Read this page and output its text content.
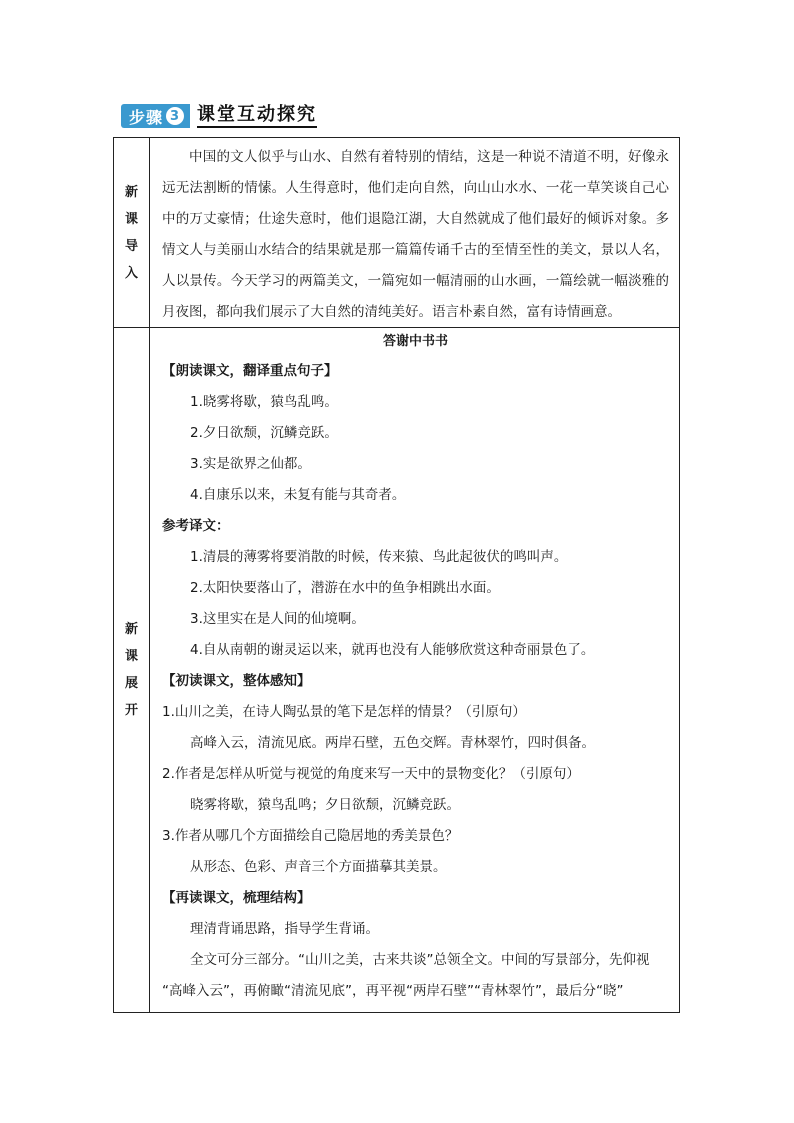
步骤 3 课堂互动探究
新
课
导
入
中国的文人似乎与山水、自然有着特别的情结，这是一种说不清道不明，好像永远无法割断的情愫。人生得意时，他们走向自然，向山山水水、一花一草笑谈自己心中的万丈豪情；仕途失意时，他们退隐江湖，大自然就成了他们最好的倾诉对象。多情文人与美丽山水结合的结果就是那一篇篇传诵千古的至情至性的美文，景以人名，人以景传。今天学习的两篇美文，一篇宛如一幅清丽的山水画，一篇绘就一幅淡雅的月夜图，都向我们展示了大自然的清纯美好。语言朴素自然，富有诗情画意。
新
课
展
开
答谢中书书
【朗读课文，翻译重点句子】
1.晓雾将歇，猿鸟乱鸣。
2.夕日欲颓，沉鳞竞跃。
3.实是欲界之仙都。
4.自康乐以来，未复有能与其奇者。
参考译文：
1.清晨的薄雾将要消散的时候，传来猿、鸟此起彼伏的鸣叫声。
2.太阳快要落山了，潜游在水中的鱼争相跳出水面。
3.这里实在是人间的仙境啊。
4.自从南朝的谢灵运以来，就再也没有人能够欣赏这种奇丽景色了。
【初读课文，整体感知】
1.山川之美，在诗人陶弘景的笔下是怎样的情景？（引原句）
高峰入云，清流见底。两岸石壁，五色交辉。青林翠竹，四时俱备。
2.作者是怎样从听觉与视觉的角度来写一天中的景物变化？（引原句）
晓雾将歇，猿鸟乱鸣；夕日欲颓，沉鳞竞跃。
3.作者从哪几个方面描绘自己隐居地的秀美景色？
从形态、色彩、声音三个方面描摹其美景。
【再读课文，梳理结构】
理清背诵思路，指导学生背诵。
全文可分三部分。“山川之美，古来共谈”总领全文。中间的写景部分，先仰视
“高峰入云”，再俯瞰“清流见底”，再平视“两岸石壁”“青林翠竹”，最后分“晓”
